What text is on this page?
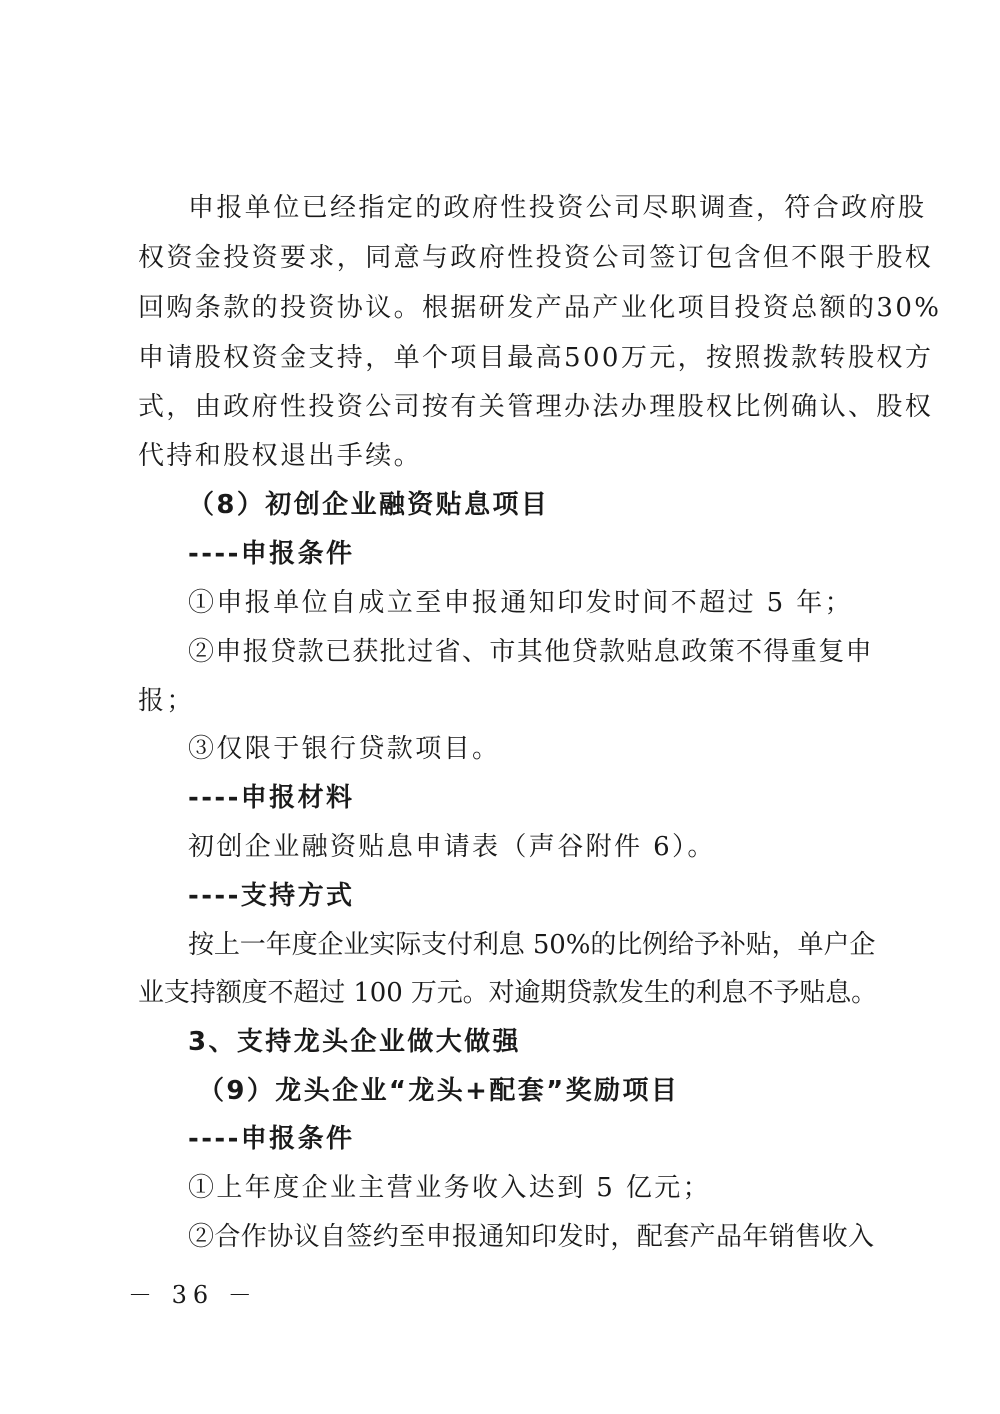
申报单位已经指定的政府性投资公司尽职调查，符合政府股
权资金投资要求，同意与政府性投资公司签订包含但不限于股权
回购条款的投资协议。根据研发产品产业化项目投资总额的30%
申请股权资金支持，单个项目最高500万元，按照拨款转股权方
式，由政府性投资公司按有关管理办法办理股权比例确认、股权
代持和股权退出手续。
（8）初创企业融资贴息项目
----申报条件
①申报单位自成立至申报通知印发时间不超过 5 年；
②申报贷款已获批过省、市其他贷款贴息政策不得重复申
报；
③仅限于银行贷款项目。
----申报材料
初创企业融资贴息申请表（声谷附件 6）。
----支持方式
按上一年度企业实际支付利息 50%的比例给予补贴，单户企
业支持额度不超过 100 万元。对逾期贷款发生的利息不予贴息。
3、支持龙头企业做大做强
（9）龙头企业“龙头+配套”奖励项目
----申报条件
①上年度企业主营业务收入达到 5 亿元；
②合作协议自签约至申报通知印发时，配套产品年销售收入
－ 36 －
